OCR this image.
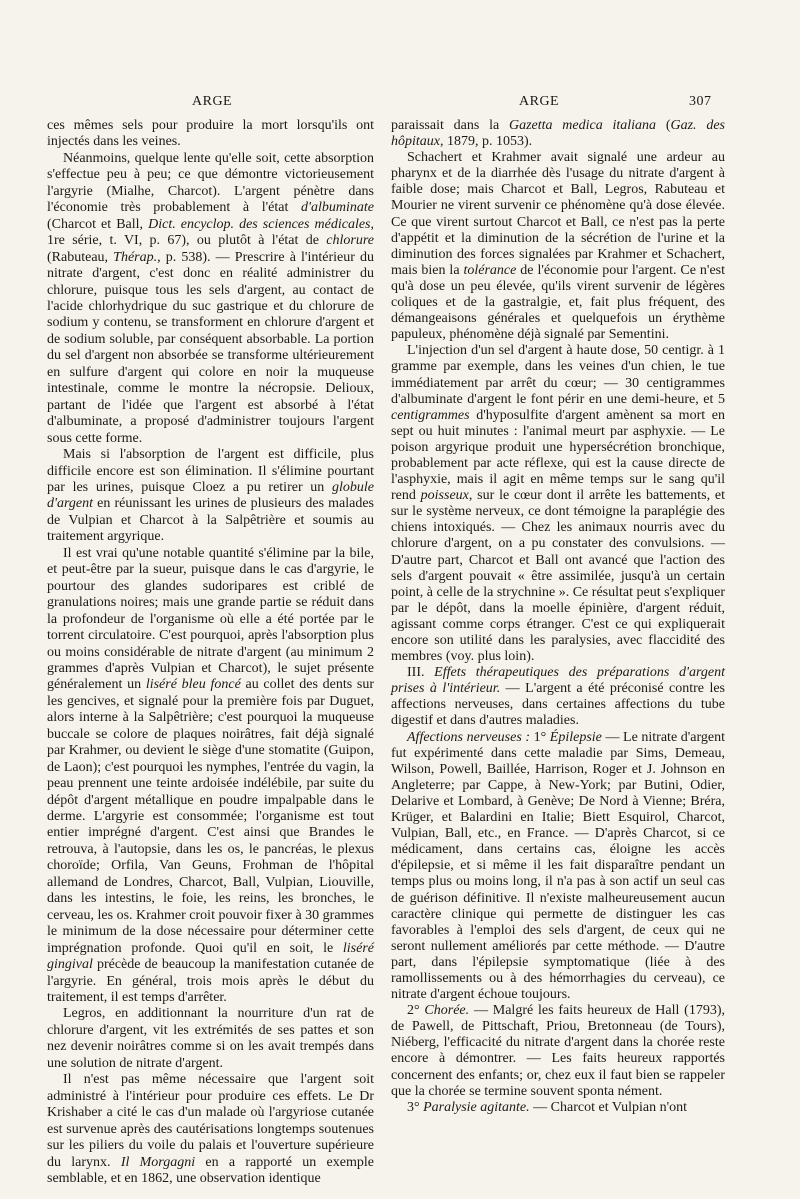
ARGE	ARGE	307

ces mêmes sels pour produire la mort lorsqu'ils ont injectés dans les veines.

Néanmoins, quelque lente qu'elle soit, cette absorption s'effectue peu à peu; ce que démontre victorieusement l'argyrie (Mialhe, Charcot). L'argent pénètre dans l'économie très probablement à l'état d'albuminate (Charcot et Ball, Dict. encyclop. des sciences médicales, 1re série, t. VI, p. 67), ou plutôt à l'état de chlorure (Rabuteau, Thérap., p. 538). — Prescrire à l'intérieur du nitrate d'argent, c'est donc en réalité administrer du chlorure, puisque tous les sels d'argent, au contact de l'acide chlorhydrique du suc gastrique et du chlorure de sodium y contenu, se transforment en chlorure d'argent et de sodium soluble, par conséquent absorbable. La portion du sel d'argent non absorbée se transforme ultérieurement en sulfure d'argent qui colore en noir la muqueuse intestinale, comme le montre la nécropsie. Delioux, partant de l'idée que l'argent est absorbé à l'état d'albuminate, a proposé d'administrer toujours l'argent sous cette forme.

Mais si l'absorption de l'argent est difficile, plus difficile encore est son élimination. Il s'élimine pourtant par les urines, puisque Cloez a pu retirer un globule d'argent en réunissant les urines de plusieurs des malades de Vulpian et Charcot à la Salpêtrière et soumis au traitement argyrique.

Il est vrai qu'une notable quantité s'élimine par la bile, et peut-être par la sueur, puisque dans le cas d'argyrie, le pourtour des glandes sudoripares est criblé de granulations noires; mais une grande partie se réduit dans la profondeur de l'organisme où elle a été portée par le torrent circulatoire. C'est pourquoi, après l'absorption plus ou moins considérable de nitrate d'argent (au minimum 2 grammes d'après Vulpian et Charcot), le sujet présente généralement un liséré bleu foncé au collet des dents sur les gencives, et signalé pour la première fois par Duguet, alors interne à la Salpêtrière; c'est pourquoi la muqueuse buccale se colore de plaques noirâtres, fait déjà signalé par Krahmer, ou devient le siège d'une stomatite (Guipon, de Laon); c'est pourquoi les nymphes, l'entrée du vagin, la peau prennent une teinte ardoisée indélébile, par suite du dépôt d'argent métallique en poudre impalpable dans le derme. L'argyrie est consommée; l'organisme est tout entier imprégné d'argent. C'est ainsi que Brandes le retrouva, à l'autopsie, dans les os, le pancréas, le plexus choroïde; Orfila, Van Geuns, Frohman de l'hôpital allemand de Londres, Charcot, Ball, Vulpian, Liouville, dans les intestins, le foie, les reins, les bronches, le cerveau, les os. Krahmer croit pouvoir fixer à 30 grammes le minimum de la dose nécessaire pour déterminer cette imprégnation profonde. Quoi qu'il en soit, le liséré gingival précède de beaucoup la manifestation cutanée de l'argyrie. En général, trois mois après le début du traitement, il est temps d'arrêter.

Legros, en additionnant la nourriture d'un rat de chlorure d'argent, vit les extrémités de ses pattes et son nez devenir noirâtres comme si on les avait trempés dans une solution de nitrate d'argent.

Il n'est pas même nécessaire que l'argent soit administré à l'intérieur pour produire ces effets. Le Dr Krishaber a cité le cas d'un malade où l'argyriose cutanée est survenue après des cautérisations longtemps soutenues sur les piliers du voile du palais et l'ouverture supérieure du larynx. Il Morgagni en a rapporté un exemple semblable, et en 1862, une observation identique

paraissait dans la Gazetta medica italiana (Gaz. des hôpitaux, 1879, p. 1053).

Schachert et Krahmer avait signalé une ardeur au pharynx et de la diarrhée dès l'usage du nitrate d'argent à faible dose; mais Charcot et Ball, Legros, Rabuteau et Mourier ne virent survenir ce phénomène qu'à dose élevée. Ce que virent surtout Charcot et Ball, ce n'est pas la perte d'appétit et la diminution de la sécrétion de l'urine et la diminution des forces signalées par Krahmer et Schachert, mais bien la tolérance de l'économie pour l'argent. Ce n'est qu'à dose un peu élevée, qu'ils virent survenir de légères coliques et de la gastralgie, et, fait plus fréquent, des démangeaisons générales et quelquefois un érythème papuleux, phénomène déjà signalé par Sementini.

L'injection d'un sel d'argent à haute dose, 50 centigr. à 1 gramme par exemple, dans les veines d'un chien, le tue immédiatement par arrêt du cœur; — 30 centigrammes d'albuminate d'argent le font périr en une demi-heure, et 5 centigrammes d'hyposulfite d'argent amènent sa mort en sept ou huit minutes : l'animal meurt par asphyxie. — Le poison argyrique produit une hypersécrétion bronchique, probablement par acte réflexe, qui est la cause directe de l'asphyxie, mais il agit en même temps sur le sang qu'il rend poisseux, sur le cœur dont il arrête les battements, et sur le système nerveux, ce dont témoigne la paraplégie des chiens intoxiqués. — Chez les animaux nourris avec du chlorure d'argent, on a pu constater des convulsions. — D'autre part, Charcot et Ball ont avancé que l'action des sels d'argent pouvait « être assimilée, jusqu'à un certain point, à celle de la strychnine ». Ce résultat peut s'expliquer par le dépôt, dans la moelle épinière, d'argent réduit, agissant comme corps étranger. C'est ce qui expliquerait encore son utilité dans les paralysies, avec flaccidité des membres (voy. plus loin).

III. Effets thérapeutiques des préparations d'argent prises à l'intérieur. — L'argent a été préconisé contre les affections nerveuses, dans certaines affections du tube digestif et dans d'autres maladies.

Affections nerveuses : 1° Épilepsie — Le nitrate d'argent fut expérimenté dans cette maladie par Sims, Demeau, Wilson, Powell, Baillée, Harrison, Roger et J. Johnson en Angleterre; par Cappe, à New-York; par Butini, Odier, Delarive et Lombard, à Genève; De Nord à Vienne; Bréra, Krüger, et Balardini en Italie; Biett Esquirol, Charcot, Vulpian, Ball, etc., en France. — D'après Charcot, si ce médicament, dans certains cas, éloigne les accès d'épilepsie, et si même il les fait disparaître pendant un temps plus ou moins long, il n'a pas à son actif un seul cas de guérison définitive. Il n'existe malheureusement aucun caractère clinique qui permette de distinguer les cas favorables à l'emploi des sels d'argent, de ceux qui ne seront nullement améliorés par cette méthode. — D'autre part, dans l'épilepsie symptomatique (liée à des ramollissements ou à des hémorrhagies du cerveau), ce nitrate d'argent échoue toujours.

2° Chorée. — Malgré les faits heureux de Hall (1793), de Pawell, de Pittschaft, Priou, Bretonneau (de Tours), Niéberg, l'efficacité du nitrate d'argent dans la chorée reste encore à démontrer. — Les faits heureux rapportés concernent des enfants; or, chez eux il faut bien se rappeler que la chorée se termine souvent sponta nément.

3° Paralysie agitante. — Charcot et Vulpian n'ont
